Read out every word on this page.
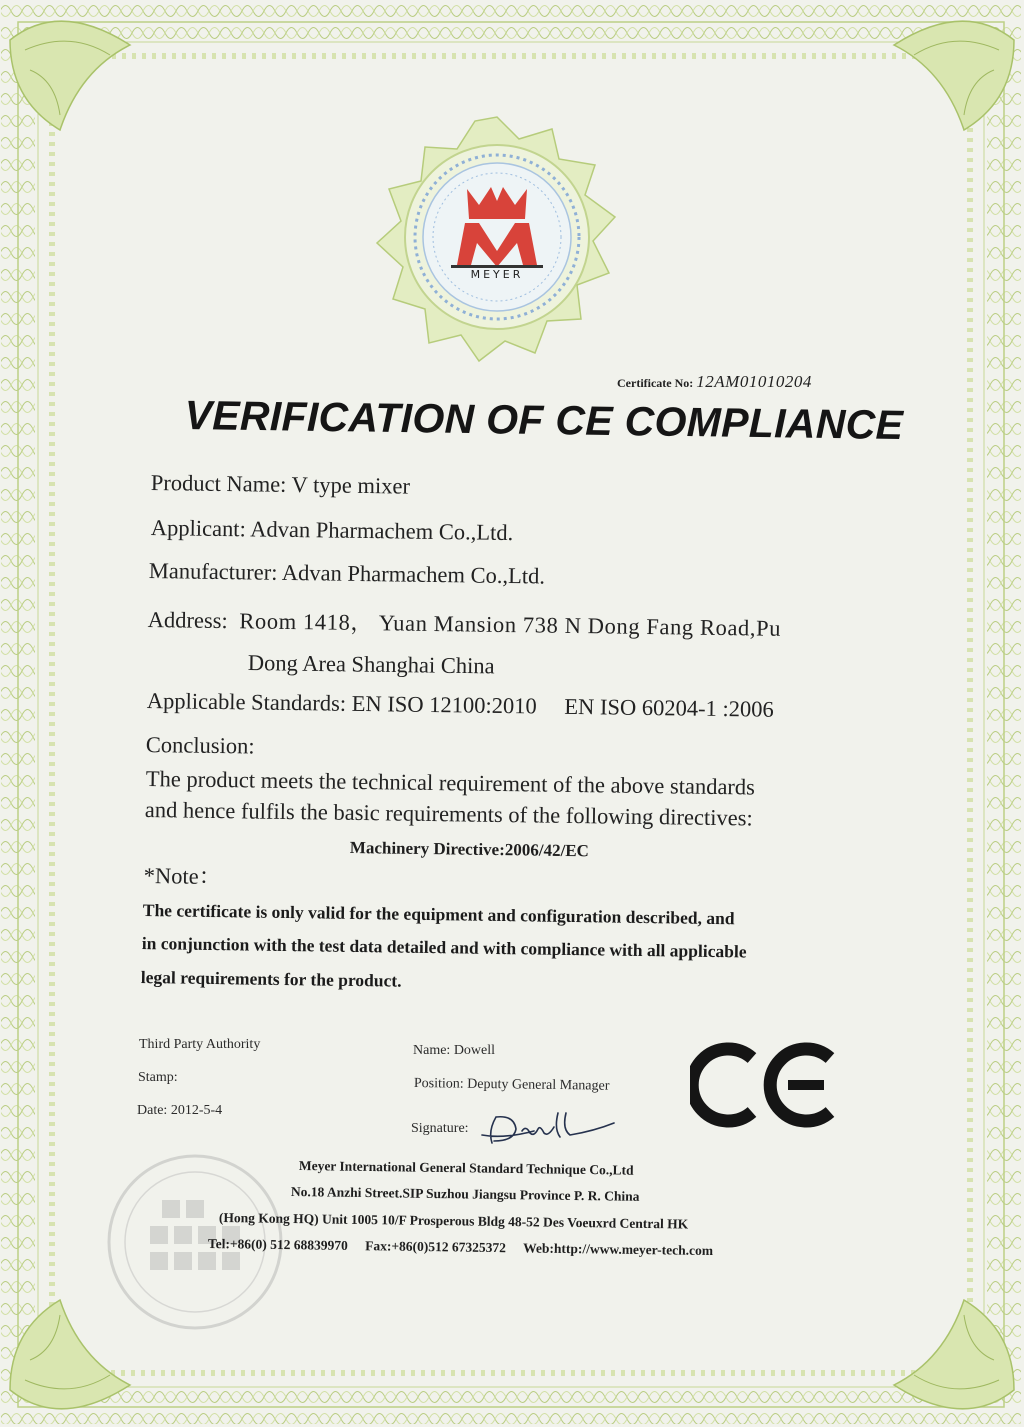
MEYER
Certificate No: 12AM01010204
VERIFICATION OF CE COMPLIANCE
Product Name: V type mixer
Applicant: Advan Pharmachem Co.,Ltd.
Manufacturer: Advan Pharmachem Co.,Ltd.
Address: Room 1418， Yuan Mansion 738 N Dong Fang Road,Pu
Dong Area Shanghai China
Applicable Standards: EN ISO 12100:2010 EN ISO 60204-1 :2006
Conclusion:
The product meets the technical requirement of the above standards
and hence fulfils the basic requirements of the following directives:
Machinery Directive:2006/42/EC
*Note：
The certificate is only valid for the equipment and configuration described, and
in conjunction with the test data detailed and with compliance with all applicable
legal requirements for the product.
Third Party Authority
Stamp:
Date: 2012-5-4
Name: Dowell
Position: Deputy General Manager
Signature:
Meyer International General Standard Technique Co.,Ltd
No.18 Anzhi Street.SIP Suzhou Jiangsu Province P. R. China
(Hong Kong HQ) Unit 1005 10/F Prosperous Bldg 48-52 Des Voeuxrd Central HK
Tel:+86(0) 512 68839970 Fax:+86(0)512 67325372 Web:http://www.meyer-tech.com
